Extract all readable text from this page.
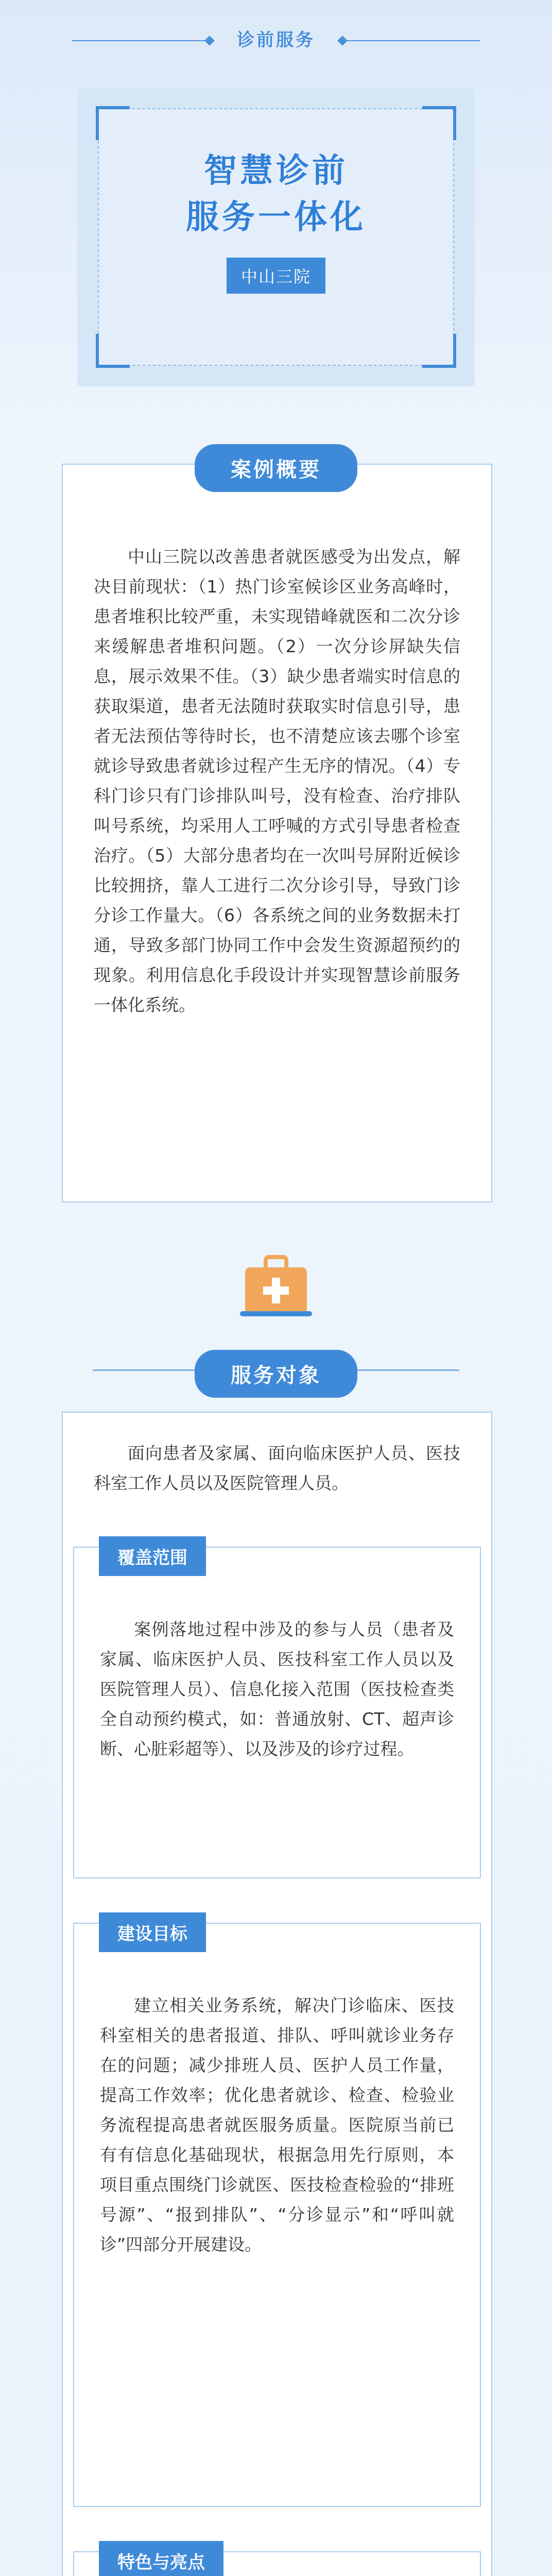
诊前服务
智慧诊前
服务一体化
中山三院

中山三院以改善患者就医感受为出发点，解决目前现状：（1）热门诊室候诊区业务高峰时，患者堆积比较严重，未实现错峰就医和二次分诊来缓解患者堆积问题。（2）一次分诊屏缺失信息，展示效果不佳。（3）缺少患者端实时信息的获取渠道，患者无法随时获取实时信息引导，患者无法预估等待时长，也不清楚应该去哪个诊室就诊导致患者就诊过程产生无序的情况。（4）专科门诊只有门诊排队叫号，没有检查、治疗排队叫号系统，均采用人工呼喊的方式引导患者检查治疗。（5）大部分患者均在一次叫号屏附近候诊比较拥挤，靠人工进行二次分诊引导，导致门诊分诊工作量大。（6）各系统之间的业务数据未打通，导致多部门协同工作中会发生资源超预约的现象。利用信息化手段设计并实现智慧诊前服务一体化系统。

案例概要
服务对象

面向患者及家属、面向临床医护人员、医技科室工作人员以及医院管理人员。

案例落地过程中涉及的参与人员（患者及家属、临床医护人员、医技科室工作人员以及医院管理人员）、信息化接入范围（医技检查类全自动预约模式，如：普通放射、CT、超声诊断、心脏彩超等）、以及涉及的诊疗过程。

覆盖范围

建立相关业务系统，解决门诊临床、医技科室相关的患者报道、排队、呼叫就诊业务存在的问题；减少排班人员、医护人员工作量，提高工作效率；优化患者就诊、检查、检验业务流程提高患者就医服务质量。医院原当前已有有信息化基础现状，根据急用先行原则，本项目重点围绕门诊就医、医技检查检验的“排班号源”、“报到排队”、“分诊显示”和“呼叫就诊”四部分开展建设。

建设目标

特色与亮点
